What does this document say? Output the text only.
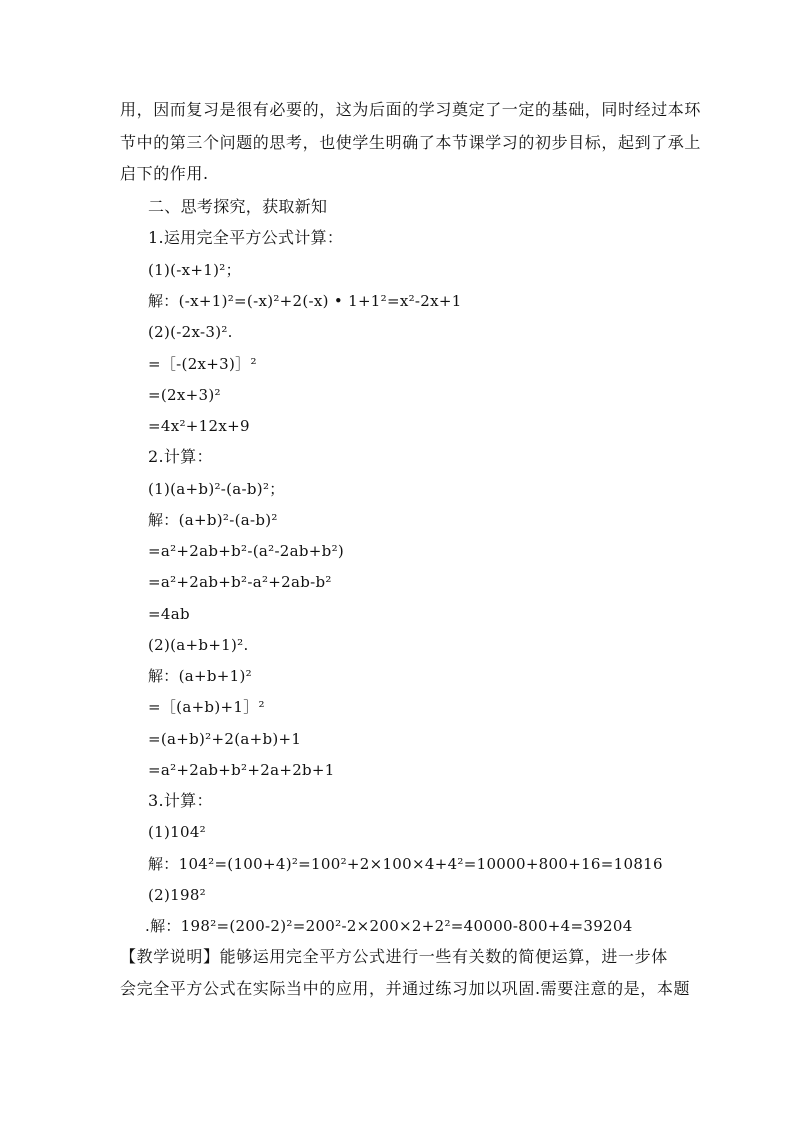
用，因而复习是很有必要的，这为后面的学习奠定了一定的基础，同时经过本环
节中的第三个问题的思考，也使学生明确了本节课学习的初步目标，起到了承上
启下的作用.
二、思考探究，获取新知
1.运用完全平方公式计算：
(1)(-x+1)²；
解：(-x+1)²=(-x)²+2(-x) • 1+1²=x²-2x+1
(2)(-2x-3)².
=［-(2x+3)］²
=(2x+3)²
=4x²+12x+9
2.计算：
(1)(a+b)²-(a-b)²；
解：(a+b)²-(a-b)²
=a²+2ab+b²-(a²-2ab+b²)
=a²+2ab+b²-a²+2ab-b²
=4ab
(2)(a+b+1)².
解：(a+b+1)²
=［(a+b)+1］²
=(a+b)²+2(a+b)+1
=a²+2ab+b²+2a+2b+1
3.计算：
(1)104²
解：104²=(100+4)²=100²+2×100×4+4²=10000+800+16=10816
(2)198²
.解：198²=(200-2)²=200²-2×200×2+2²=40000-800+4=39204
【教学说明】能够运用完全平方公式进行一些有关数的简便运算，进一步体
会完全平方公式在实际当中的应用，并通过练习加以巩固.需要注意的是，本题
